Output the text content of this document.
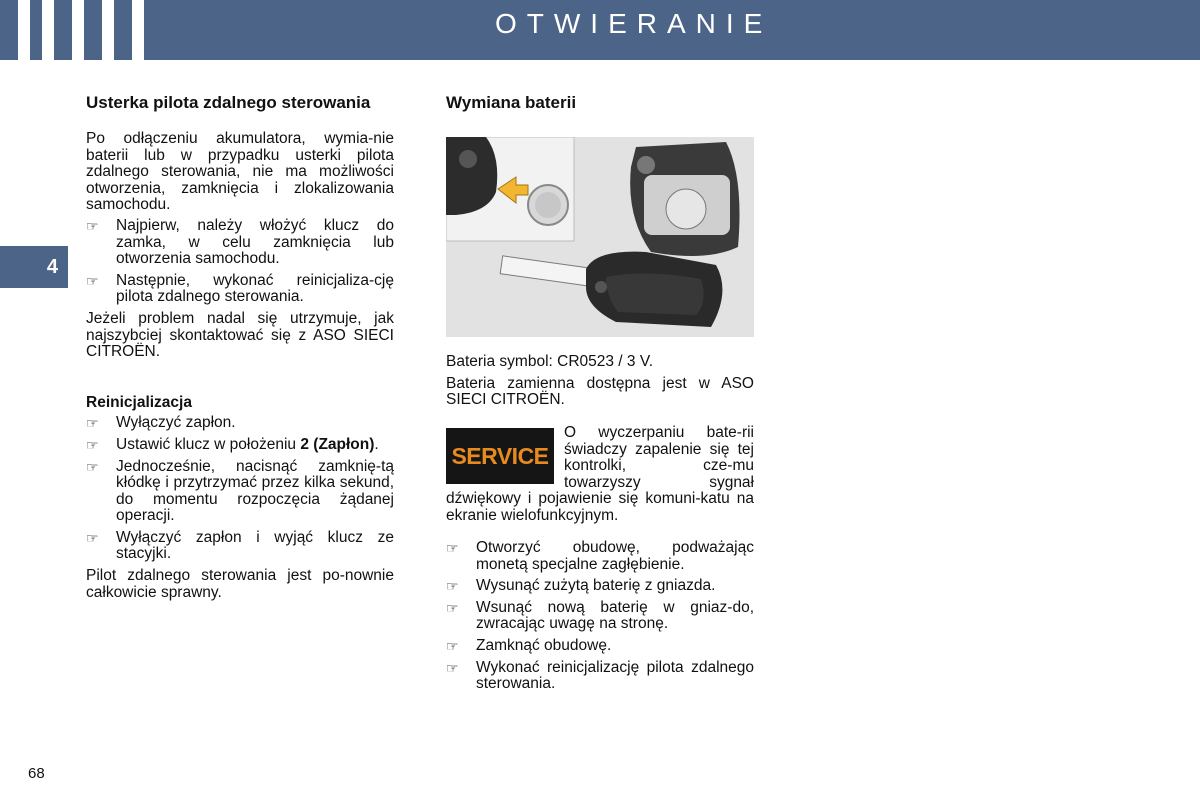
OTWIERANIE
4
Usterka pilota zdalnego sterowania

Po odłączeniu akumulatora, wymia-nie baterii lub w przypadku usterki pilota zdalnego sterowania, nie ma możliwości otworzenia, zamknięcia i zlokalizowania samochodu.

☞ Najpierw, należy włożyć klucz do zamka, w celu zamknięcia lub otworzenia samochodu.
☞ Następnie, wykonać reinicjaliza-cję pilota zdalnego sterowania.

Jeżeli problem nadal się utrzymuje, jak najszybciej skontaktować się z ASO SIECI CITROËN.

Reinicjalizacja
☞ Wyłączyć zapłon.
☞ Ustawić klucz w położeniu 2 (Zapłon).
☞ Jednocześnie, nacisnąć zamknię-tą kłódkę i przytrzymać przez kilka sekund, do momentu rozpoczęcia żądanej operacji.
☞ Wyłączyć zapłon i wyjąć klucz ze stacyjki.

Pilot zdalnego sterowania jest po-nownie całkowicie sprawny.

Wymiana baterii

Bateria symbol: CR0523 / 3 V.

Bateria zamienna dostępna jest w ASO SIECI CITROËN.

SERVICE

O wyczerpaniu bate-rii świadczy zapalenie się tej kontrolki, cze-mu towarzyszy sygnał dźwiękowy i pojawienie się komuni-katu na ekranie wielofunkcyjnym.

☞ Otworzyć obudowę, podważając monetą specjalne zagłębienie.
☞ Wysunąć zużytą baterię z gniazda.
☞ Wsunąć nową baterię w gniaz-do, zwracając uwagę na stronę.
☞ Zamknąć obudowę.
☞ Wykonać reinicjalizację pilota zdalnego sterowania.
68
